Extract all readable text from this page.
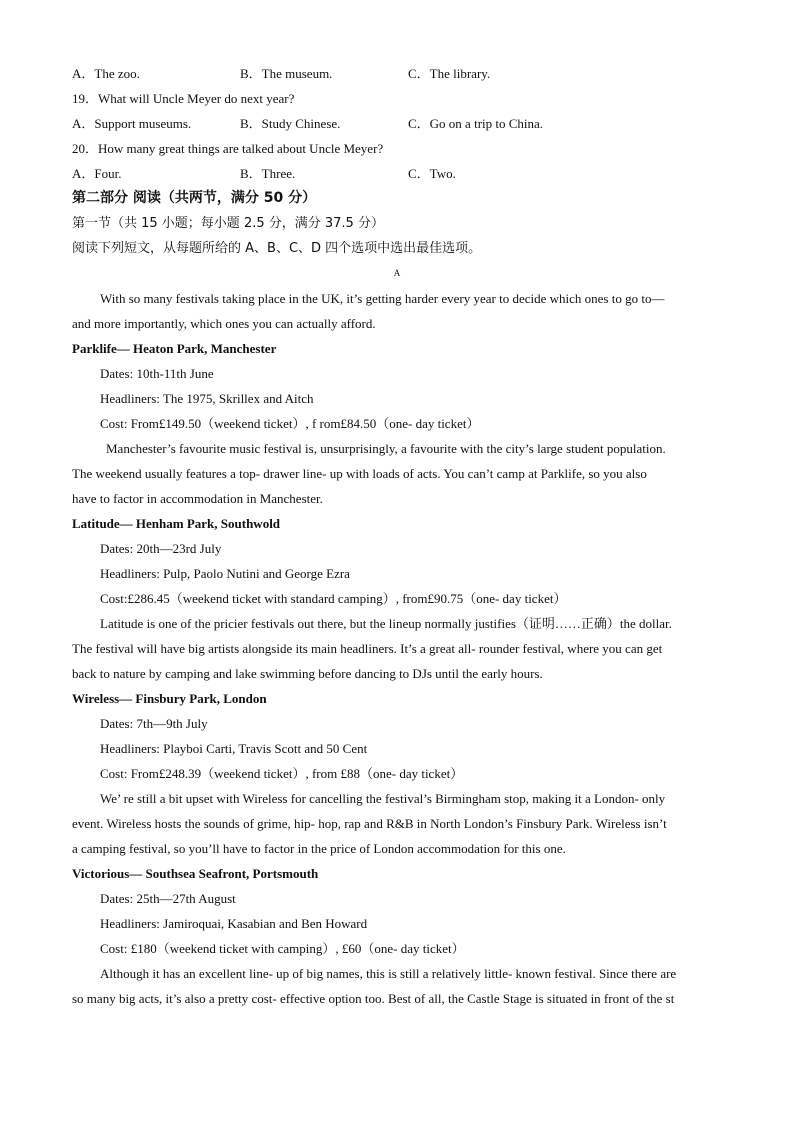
A．The zoo.	B．The museum.	C．The library.
19．What will Uncle Meyer do next year?
A．Support museums.	B．Study Chinese.	C．Go on a trip to China.
20．How many great things are talked about Uncle Meyer?
A．Four.	B．Three.	C．Two.
第二部分 阅读（共两节，满分 50 分）
第一节（共 15 小题；每小题 2.5 分，满分 37.5 分）
阅读下列短文，从每题所给的 A、B、C、D 四个选项中选出最佳选项。
A
With so many festivals taking place in the UK, it’s getting harder every year to decide which ones to go to—
and more importantly, which ones you can actually afford.
Parklife— Heaton Park, Manchester
Dates: 10th-11th June
Headliners: The 1975, Skrillex and Aitch
Cost: From£149.50（weekend ticket）, f rom£84.50（one- day ticket）
Manchester’s favourite music festival is, unsurprisingly, a favourite with the city’s large student population.
The weekend usually features a top- drawer line- up with loads of acts. You can’t camp at Parklife, so you also
have to factor in accommodation in Manchester.
Latitude— Henham Park, Southwold
Dates: 20th—23rd July
Headliners: Pulp, Paolo Nutini and George Ezra
Cost:£286.45（weekend ticket with standard camping）, from£90.75（one- day ticket）
Latitude is one of the pricier festivals out there, but the lineup normally justifies（证明……正确）the dollar.
The festival will have big artists alongside its main headliners. It’s a great all- rounder festival, where you can get
back to nature by camping and lake swimming before dancing to DJs until the early hours.
Wireless— Finsbury Park, London
Dates: 7th—9th July
Headliners: Playboi Carti, Travis Scott and 50 Cent
Cost: From£248.39（weekend ticket）, from £88（one- day ticket）
We’ re still a bit upset with Wireless for cancelling the festival’s Birmingham stop, making it a London- only
event. Wireless hosts the sounds of grime, hip- hop, rap and R&B in North London’s Finsbury Park. Wireless isn’t
a camping festival, so you’ll have to factor in the price of London accommodation for this one.
Victorious— Southsea Seafront, Portsmouth
Dates: 25th—27th August
Headliners: Jamiroquai, Kasabian and Ben Howard
Cost: £180（weekend ticket with camping）, £60（one- day ticket）
Although it has an excellent line- up of big names, this is still a relatively little- known festival. Since there are
so many big acts, it’s also a pretty cost- effective option too. Best of all, the Castle Stage is situated in front of the st
